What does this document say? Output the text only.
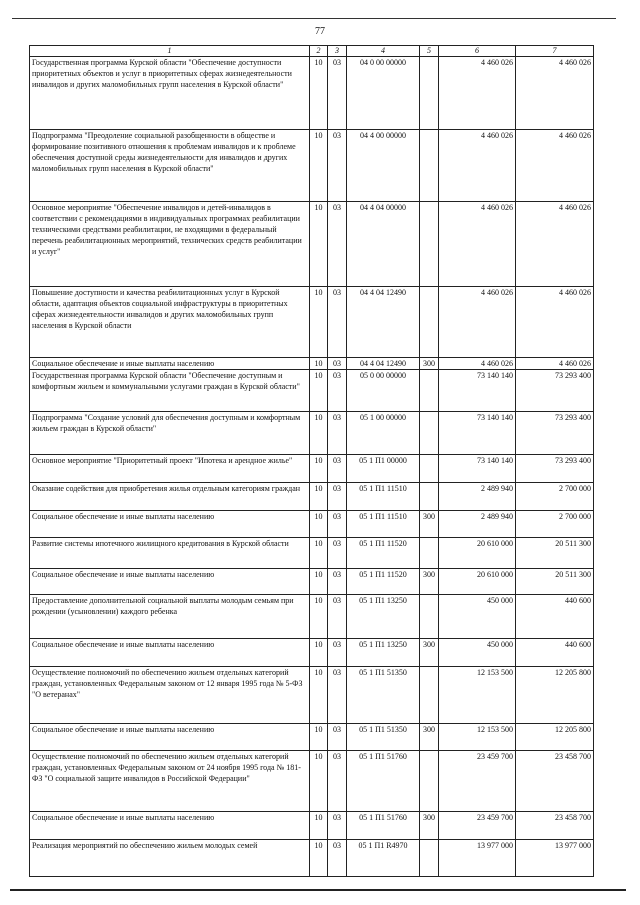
77
1	2	3	4	5	6	7
Государственная программа Курской области "Обеспечение доступности приоритетных объектов и услуг в приоритетных сферах жизнедеятельности инвалидов и других маломобильных групп населения в Курской области"	10	03	04 0 00 00000		4 460 026	4 460 026
Подпрограмма "Преодоление социальной разобщенности в обществе и формирование позитивного отношения к проблемам инвалидов и к проблеме обеспечения доступной среды жизнедеятельности для инвалидов и других маломобильных групп населения в Курской области"	10	03	04 4 00 00000		4 460 026	4 460 026
Основное мероприятие "Обеспечение инвалидов и детей-инвалидов в соответствии с рекомендациями в индивидуальных программах реабилитации техническими средствами реабилитации, не входящими в федеральный перечень реабилитационных мероприятий, технических средств реабилитации и услуг"	10	03	04 4 04 00000		4 460 026	4 460 026
Повышение доступности и качества реабилитационных услуг в Курской области, адаптация объектов социальной инфраструктуры в приоритетных сферах жизнедеятельности инвалидов и других маломобильных групп населения в Курской области	10	03	04 4 04 12490		4 460 026	4 460 026
Социальное обеспечение и иные выплаты населению	10	03	04 4 04 12490	300	4 460 026	4 460 026
Государственная программа Курской области "Обеспечение доступным и комфортным жильем и коммунальными услугами граждан в Курской области"	10	03	05 0 00 00000		73 140 140	73 293 400
Подпрограмма "Создание условий для обеспечения доступным и комфортным жильем граждан в Курской области"	10	03	05 1 00 00000		73 140 140	73 293 400
Основное мероприятие "Приоритетный проект "Ипотека и арендное жилье"	10	03	05 1 П1 00000		73 140 140	73 293 400
Оказание содействия для приобретения жилья отдельным категориям граждан	10	03	05 1 П1 11510		2 489 940	2 700 000
Социальное обеспечение и иные выплаты населению	10	03	05 1 П1 11510	300	2 489 940	2 700 000
Развитие системы ипотечного жилищного кредитования в Курской области	10	03	05 1 П1 11520		20 610 000	20 511 300
Социальное обеспечение и иные выплаты населению	10	03	05 1 П1 11520	300	20 610 000	20 511 300
Предоставление дополнительной социальной выплаты молодым семьям при рождении (усыновлении) каждого ребенка	10	03	05 1 П1 13250		450 000	440 600
Социальное обеспечение и иные выплаты населению	10	03	05 1 П1 13250	300	450 000	440 600
Осуществление полномочий по обеспечению жильем отдельных категорий граждан, установленных Федеральным законом от 12 января 1995 года № 5-ФЗ "О ветеранах"	10	03	05 1 П1 51350		12 153 500	12 205 800
Социальное обеспечение и иные выплаты населению	10	03	05 1 П1 51350	300	12 153 500	12 205 800
Осуществление полномочий по обеспечению жильем отдельных категорий граждан, установленных Федеральным законом от 24 ноября 1995 года № 181-ФЗ "О социальной защите инвалидов в Российской Федерации"	10	03	05 1 П1 51760		23 459 700	23 458 700
Социальное обеспечение и иные выплаты населению	10	03	05 1 П1 51760	300	23 459 700	23 458 700
Реализация мероприятий по обеспечению жильем молодых семей	10	03	05 1 П1 R4970		13 977 000	13 977 000
